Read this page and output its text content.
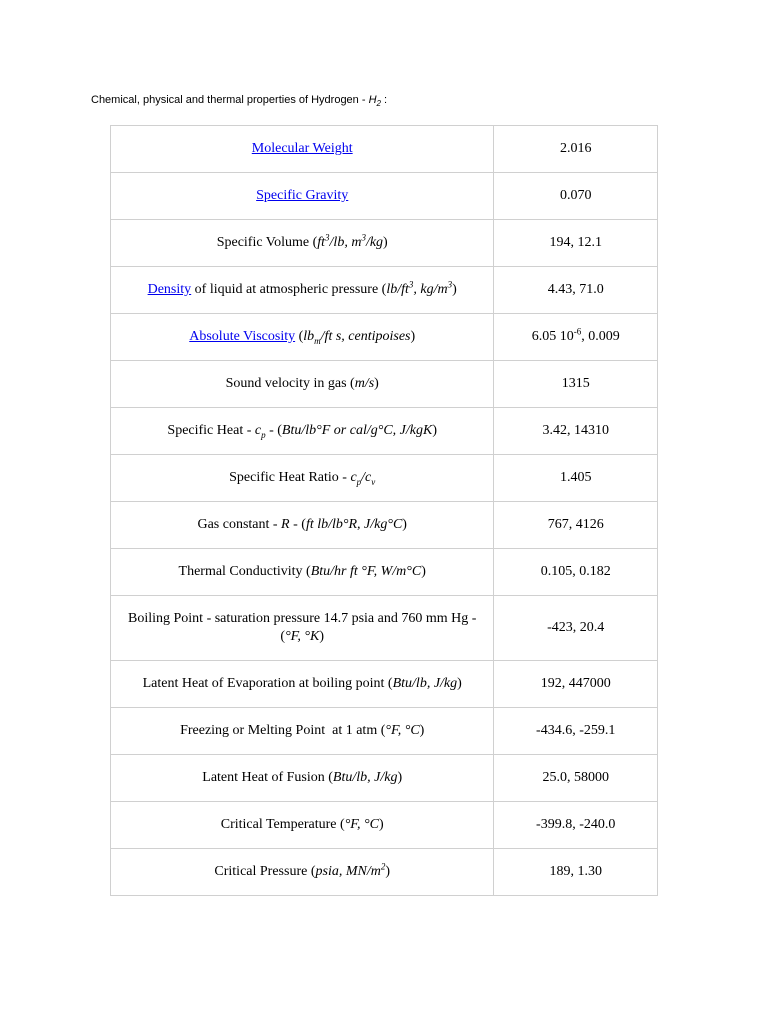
Chemical, physical and thermal properties of Hydrogen - $H_2$ :
Molecular Weight	2.016
Specific Gravity	0.070
Specific Volume ($ft^3/lb$, $m^3/kg$)	194, 12.1
Density of liquid at atmospheric pressure ($lb/ft^3$, $kg/m^3$)	4.43, 71.0
Absolute Viscosity ($lb_m/ft$ s, centipoises)	6.05 $10^{-6}$, 0.009
Sound velocity in gas (m/s)	1315
Specific Heat - $c_p - (Btu/lb^\circ F$ or cal/g°C, J/kgK)	3.42, 14310
Specific Heat Ratio - $c_p/c_v$	1.405
Gas constant - R - (ft lb/lb°R, J/kg°C)	767, 4126
Thermal Conductivity (Btu/hr ft °F, W/m°C)	0.105, 0.182
Boiling Point - saturation pressure 14.7 psia and 760 mm Hg -
(°F, °K)	-423, 20.4
Latent Heat of Evaporation at boiling point (Btu/lb, J/kg)	192, 447000
Freezing or Melting Point  at 1 atm (°F, °C)	-434.6, -259.1
Latent Heat of Fusion (Btu/lb, J/kg)	25.0, 58000
Critical Temperature (°F, °C)	-399.8, -240.0
Critical Pressure (psia, $MN/m^2$)	189, 1.30
